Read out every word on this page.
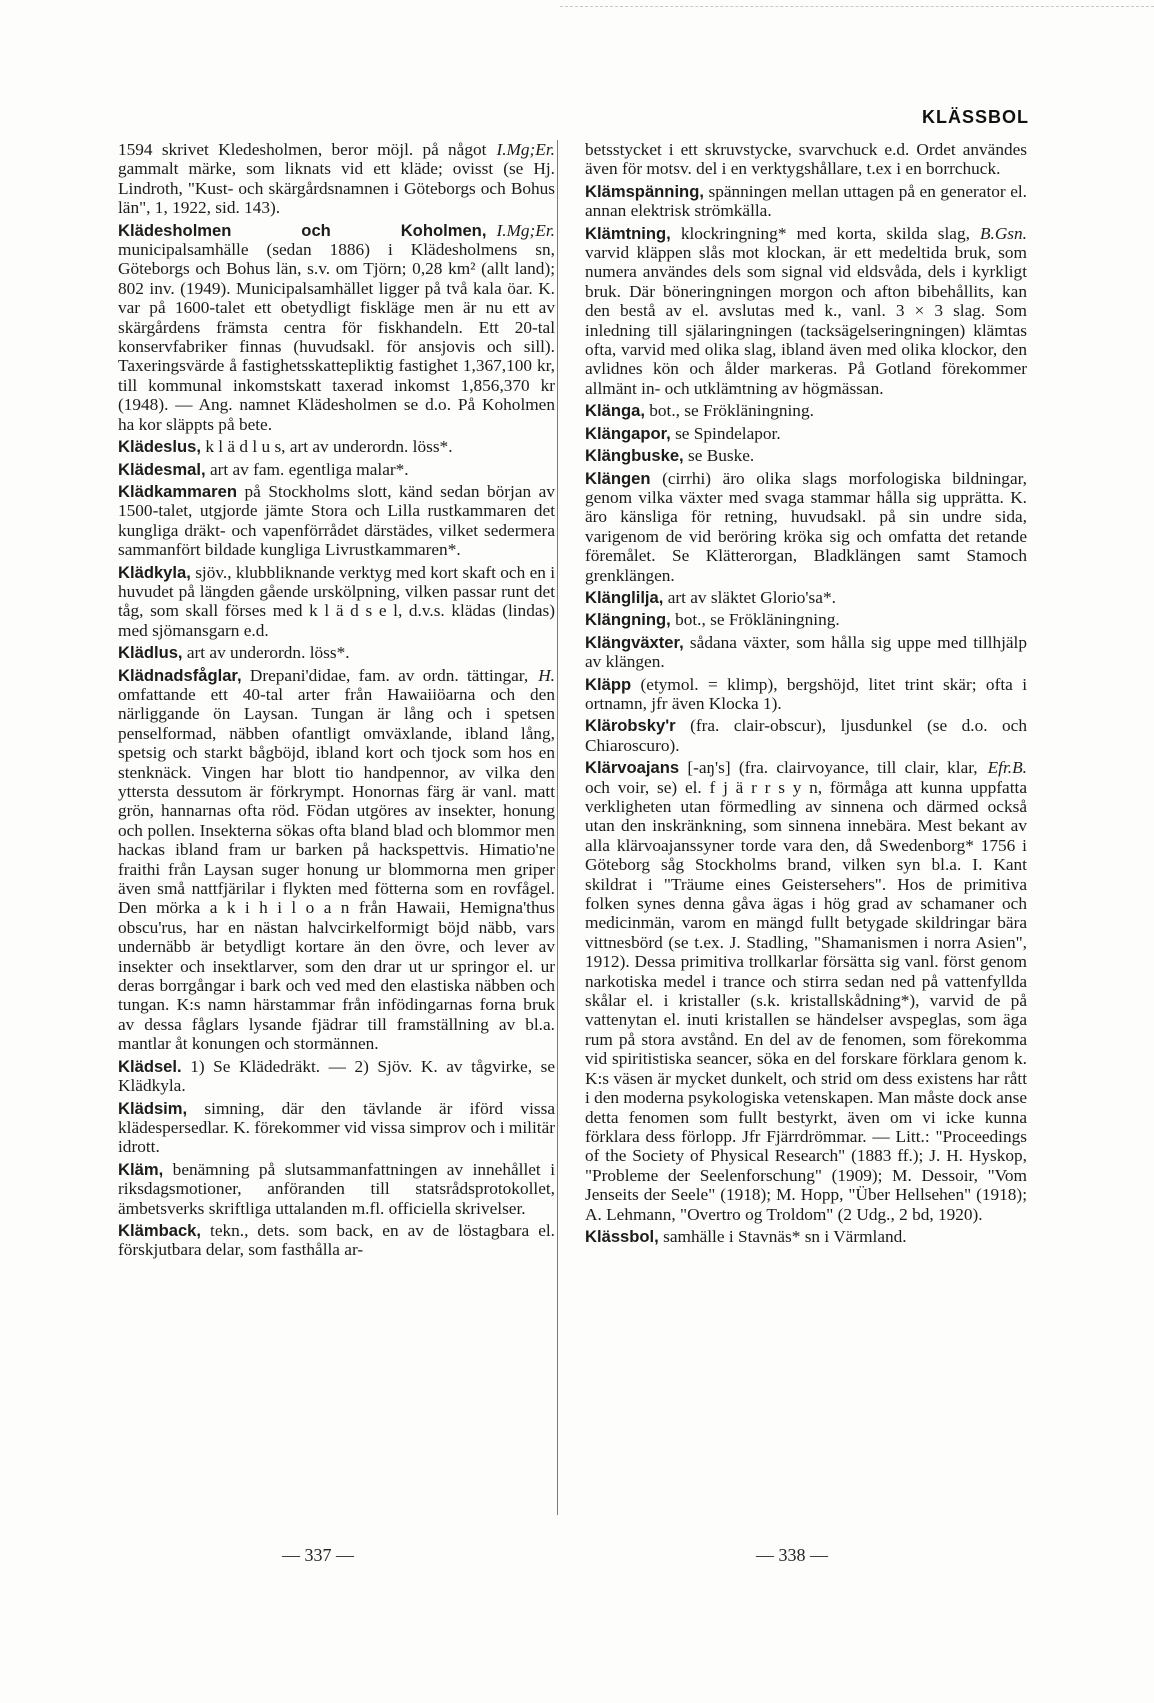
KLÄSSBOL

I.Mg;Er.
1594 skrivet Kledesholmen, beror möjl. på något gammalt märke, som liknats vid ett kläde; ovisst (se Hj. Lindroth, "Kust- och skärgårdsnamnen i Göteborgs och Bohus län", 1, 1922, sid. 143).

I.Mg;Er.
Klädesholmen och Koholmen, municipalsamhälle (sedan 1886) i Klädesholmens sn, Göteborgs och Bohus län, s.v. om Tjörn; 0,28 km² (allt land); 802 inv. (1949). Municipalsamhället ligger på två kala öar. K. var på 1600-talet ett obetydligt fiskläge men är nu ett av skärgårdens främsta centra för fiskhandeln. Ett 20-tal konservfabriker finnas (huvudsakl. för ansjovis och sill). Taxeringsvärde å fastighetsskattepliktig fastighet 1,367,100 kr, till kommunal inkomstskatt taxerad inkomst 1,856,370 kr (1948). — Ang. namnet Klädesholmen se d.o. På Koholmen ha kor släppts på bete.

Klädeslus, k l ä d l u s, art av underordn. löss*.

Klädesmal, art av fam. egentliga malar*.

Klädkammaren på Stockholms slott, känd sedan början av 1500-talet, utgjorde jämte Stora och Lilla rustkammaren det kungliga dräkt- och vapenförrådet därstädes, vilket sedermera sammanfört bildade kungliga Livrustkammaren*.

Klädkyla, sjöv., klubbliknande verktyg med kort skaft och en i huvudet på längden gående urskölpning, vilken passar runt det tåg, som skall förses med k l ä d s e l, d.v.s. klädas (lindas) med sjömansgarn e.d.

Klädlus, art av underordn. löss*.

H.
Klädnadsfåglar, Drepani'didae, fam. av ordn. tättingar, omfattande ett 40-tal arter från Hawaiiöarna och den närliggande ön Laysan. Tungan är lång och i spetsen penselformad, näbben ofantligt omväxlande, ibland lång, spetsig och starkt bågböjd, ibland kort och tjock som hos en stenknäck. Vingen har blott tio handpennor, av vilka den yttersta dessutom är förkrympt. Honornas färg är vanl. matt grön, hannarnas ofta röd. Födan utgöres av insekter, honung och pollen. Insekterna sökas ofta bland blad och blommor men hackas ibland fram ur barken på hackspettvis. Himatio'ne fraithi från Laysan suger honung ur blommorna men griper även små nattfjärilar i flykten med fötterna som en rovfågel. Den mörka a k i h i l o a n från Hawaii, Hemigna'thus obscu'rus, har en nästan halvcirkelformigt böjd näbb, vars undernäbb är betydligt kortare än den övre, och lever av insekter och insektlarver, som den drar ut ur springor el. ur deras borrgångar i bark och ved med den elastiska näbben och tungan. K:s namn härstammar från infödingarnas forna bruk av dessa fåglars lysande fjädrar till framställning av bl.a. mantlar åt konungen och stormännen.

Klädsel. 1) Se Klädedräkt. — 2) Sjöv. K. av tågvirke, se Klädkyla.

Klädsim, simning, där den tävlande är iförd vissa klädespersedlar. K. förekommer vid vissa simprov och i militär idrott.

Kläm, benämning på slutsammanfattningen av innehållet i riksdagsmotioner, anföranden till statsrådsprotokollet, ämbetsverks skriftliga uttalanden m.fl. officiella skrivelser.

Klämback, tekn., dets. som back, en av de löstagbara el. förskjutbara delar, som fasthålla ar-

betsstycket i ett skruvstycke, svarvchuck e.d. Ordet användes även för motsv. del i en verktygshållare, t.ex i en borrchuck.

Klämspänning, spänningen mellan uttagen på en generator el. annan elektrisk strömkälla.

B.Gsn.
Klämtning, klockringning* med korta, skilda slag, varvid kläppen slås mot klockan, är ett medeltida bruk, som numera användes dels som signal vid eldsvåda, dels i kyrkligt bruk. Där böneringningen morgon och afton bibehållits, kan den bestå av el. avslutas med k., vanl. 3 × 3 slag. Som inledning till själaringningen (tacksägelseringningen) klämtas ofta, varvid med olika slag, ibland även med olika klockor, den avlidnes kön och ålder markeras. På Gotland förekommer allmänt in- och utklämtning av högmässan.

Klänga, bot., se Frökläningning.

Klängapor, se Spindelapor.

Klängbuske, se Buske.

Klängen (cirrhi) äro olika slags morfologiska bildningar, genom vilka växter med svaga stammar hålla sig upprätta. K. äro känsliga för retning, huvudsakl. på sin undre sida, varigenom de vid beröring kröka sig och omfatta det retande föremålet. Se Klätterorgan, Bladklängen samt Stamoch grenklängen.

Klänglilja, art av släktet Glorio'sa*.

Klängning, bot., se Frökläningning.

Klängväxter, sådana växter, som hålla sig uppe med tillhjälp av klängen.

Kläpp (etymol. = klimp), bergshöjd, litet trint skär; ofta i ortnamn, jfr även Klocka 1).

Klärobsky'r (fra. clair-obscur), ljusdunkel (se d.o. och Chiaroscuro).

Efr.B.
Klärvoajans [-aŋ's] (fra. clairvoyance, till clair, klar, och voir, se) el. f j ä r r s y n, förmåga att kunna uppfatta verkligheten utan förmedling av sinnena och därmed också utan den inskränkning, som sinnena innebära. Mest bekant av alla klärvoajanssyner torde vara den, då Swedenborg* 1756 i Göteborg såg Stockholms brand, vilken syn bl.a. I. Kant skildrat i "Träume eines Geistersehers". Hos de primitiva folken synes denna gåva ägas i hög grad av schamaner och medicinmän, varom en mängd fullt betygade skildringar bära vittnesbörd (se t.ex. J. Stadling, "Shamanismen i norra Asien", 1912). Dessa primitiva trollkarlar försätta sig vanl. först genom narkotiska medel i trance och stirra sedan ned på vattenfyllda skålar el. i kristaller (s.k. kristallskådning*), varvid de på vattenytan el. inuti kristallen se händelser avspeglas, som äga rum på stora avstånd. En del av de fenomen, som förekomma vid spiritistiska seancer, söka en del forskare förklara genom k. K:s väsen är mycket dunkelt, och strid om dess existens har rått i den moderna psykologiska vetenskapen. Man måste dock anse detta fenomen som fullt bestyrkt, även om vi icke kunna förklara dess förlopp. Jfr Fjärrdrömmar. — Litt.: "Proceedings of the Society of Physical Research" (1883 ff.); J. H. Hyskop, "Probleme der Seelenforschung" (1909); M. Dessoir, "Vom Jenseits der Seele" (1918); M. Hopp, "Über Hellsehen" (1918); A. Lehmann, "Overtro og Troldom" (2 Udg., 2 bd, 1920).

Klässbol, samhälle i Stavnäs* sn i Värmland.

— 337 —	— 338 —
